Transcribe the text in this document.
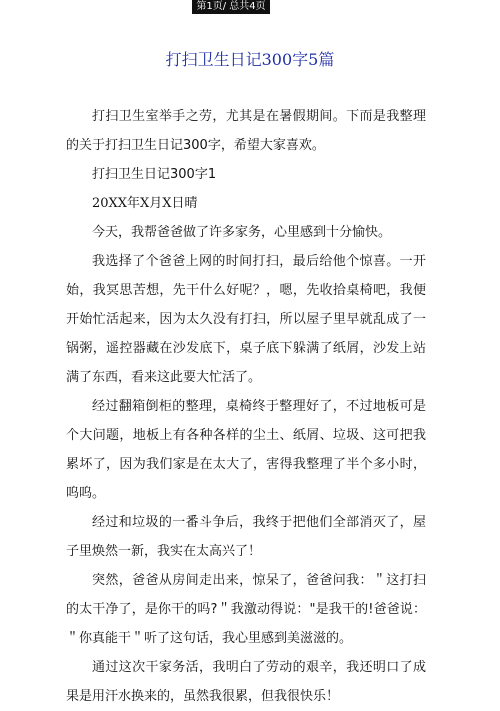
第1页/ 总共4页
打扫卫生日记300字5篇

打扫卫生室举手之劳，尤其是在暑假期间。下而是我整理的关于打扫卫生日记300字，希望大家喜欢。

打扫卫生日记300字1

20XX年X月X日晴

今天，我帮爸爸做了许多家务，心里感到十分愉快。

我选择了个爸爸上网的时间打扫，最后给他个惊喜。一开始，我冥思苦想，先干什么好呢？，嗯，先收拾桌椅吧，我便开始忙活起来，因为太久没有打扫，所以屋子里早就乱成了一锅粥，遥控器藏在沙发底下，桌子底下躲满了纸屑，沙发上站满了东西，看来这此要大忙活了。

经过翻箱倒柜的整理，桌椅终于整理好了，不过地板可是个大问题，地板上有各种各样的尘土、纸屑、垃圾、这可把我累坏了，因为我们家是在太大了，害得我整理了半个多小时，呜呜。

经过和垃圾的一番斗争后，我终于把他们全部消灭了，屋子里焕然一新，我实在太高兴了！

突然，爸爸从房间走出来，惊呆了，爸爸问我：＂这打扫的太干净了，是你干的吗?＂我激动得说："是我干的!爸爸说：＂你真能干＂听了这句话，我心里感到美滋滋的。

通过这次干家务活，我明白了劳动的艰辛，我还明口了成果是用汗水换来的，虽然我很累，但我很快乐！
